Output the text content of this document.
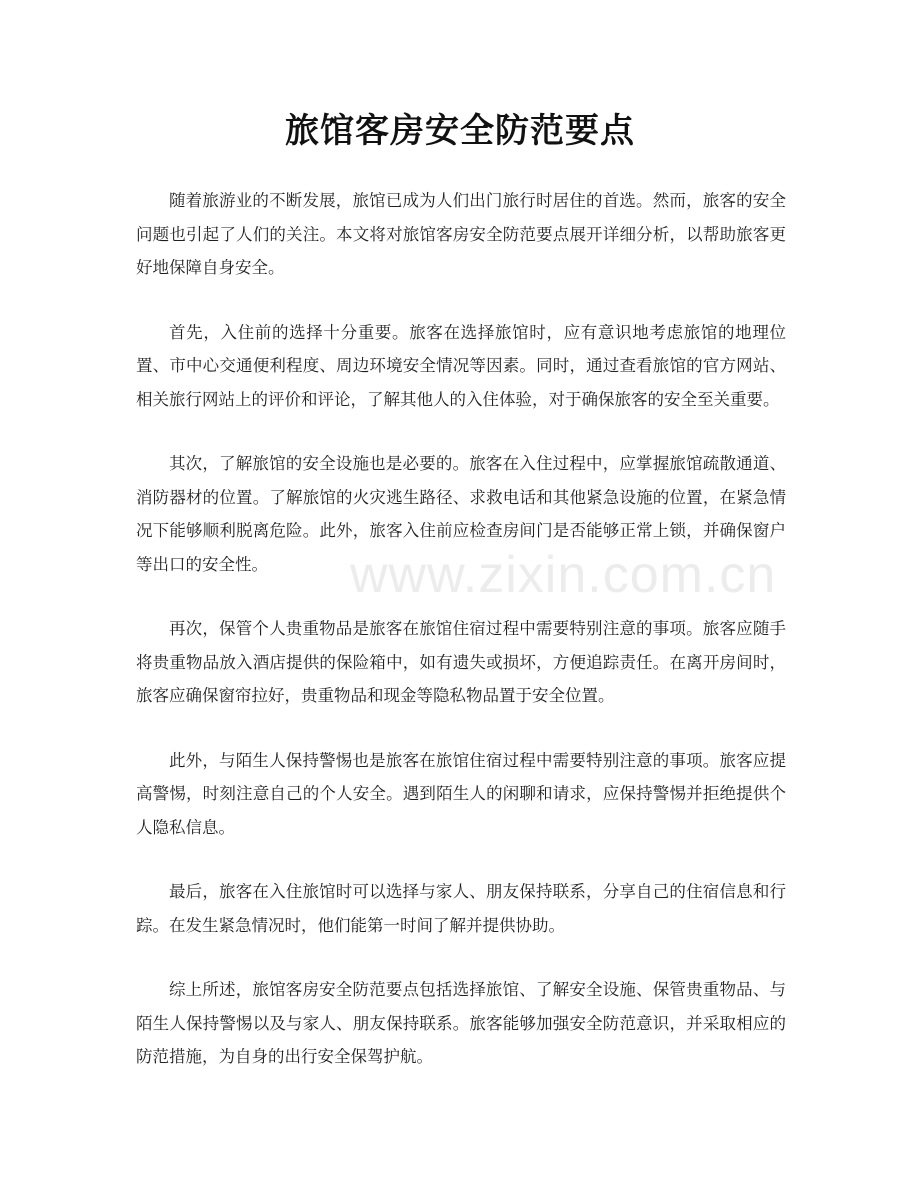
旅馆客房安全防范要点

随着旅游业的不断发展，旅馆已成为人们出门旅行时居住的首选。然而，旅客的安全问题也引起了人们的关注。本文将对旅馆客房安全防范要点展开详细分析，以帮助旅客更好地保障自身安全。

首先，入住前的选择十分重要。旅客在选择旅馆时，应有意识地考虑旅馆的地理位置、市中心交通便利程度、周边环境安全情况等因素。同时，通过查看旅馆的官方网站、相关旅行网站上的评价和评论，了解其他人的入住体验，对于确保旅客的安全至关重要。

其次，了解旅馆的安全设施也是必要的。旅客在入住过程中，应掌握旅馆疏散通道、消防器材的位置。了解旅馆的火灾逃生路径、求救电话和其他紧急设施的位置，在紧急情况下能够顺利脱离危险。此外，旅客入住前应检查房间门是否能够正常上锁，并确保窗户等出口的安全性。

再次，保管个人贵重物品是旅客在旅馆住宿过程中需要特别注意的事项。旅客应随手将贵重物品放入酒店提供的保险箱中，如有遗失或损坏，方便追踪责任。在离开房间时，旅客应确保窗帘拉好，贵重物品和现金等隐私物品置于安全位置。

此外，与陌生人保持警惕也是旅客在旅馆住宿过程中需要特别注意的事项。旅客应提高警惕，时刻注意自己的个人安全。遇到陌生人的闲聊和请求，应保持警惕并拒绝提供个人隐私信息。

最后，旅客在入住旅馆时可以选择与家人、朋友保持联系，分享自己的住宿信息和行踪。在发生紧急情况时，他们能第一时间了解并提供协助。

综上所述，旅馆客房安全防范要点包括选择旅馆、了解安全设施、保管贵重物品、与陌生人保持警惕以及与家人、朋友保持联系。旅客能够加强安全防范意识，并采取相应的防范措施，为自身的出行安全保驾护航。

www.zixin.com.cn
